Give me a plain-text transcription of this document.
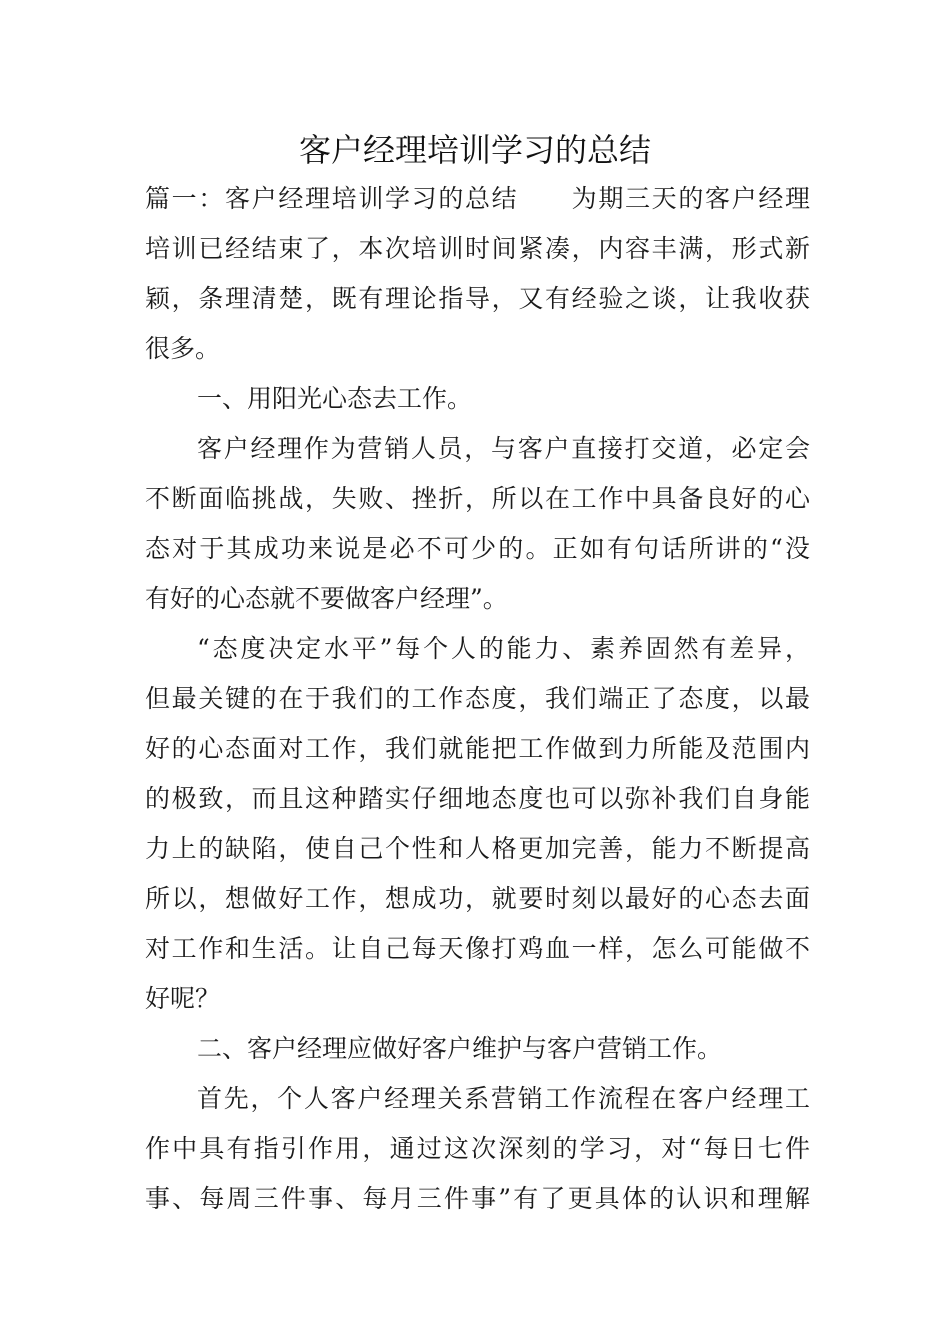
客户经理培训学习的总结
篇一：客户经理培训学习的总结　　为期三天的客户经理
培训已经结束了，本次培训时间紧凑，内容丰满，形式新
颖，条理清楚，既有理论指导，又有经验之谈，让我收获
很多。
一、用阳光心态去工作。
客户经理作为营销人员，与客户直接打交道，必定会
不断面临挑战，失败、挫折，所以在工作中具备良好的心
态对于其成功来说是必不可少的。正如有句话所讲的“没
有好的心态就不要做客户经理”。
“态度决定水平”每个人的能力、素养固然有差异，
但最关键的在于我们的工作态度，我们端正了态度，以最
好的心态面对工作，我们就能把工作做到力所能及范围内
的极致，而且这种踏实仔细地态度也可以弥补我们自身能
力上的缺陷，使自己个性和人格更加完善，能力不断提高
所以，想做好工作，想成功，就要时刻以最好的心态去面
对工作和生活。让自己每天像打鸡血一样，怎么可能做不
好呢？
二、客户经理应做好客户维护与客户营销工作。
首先，个人客户经理关系营销工作流程在客户经理工
作中具有指引作用，通过这次深刻的学习，对“每日七件
事、每周三件事、每月三件事”有了更具体的认识和理解
